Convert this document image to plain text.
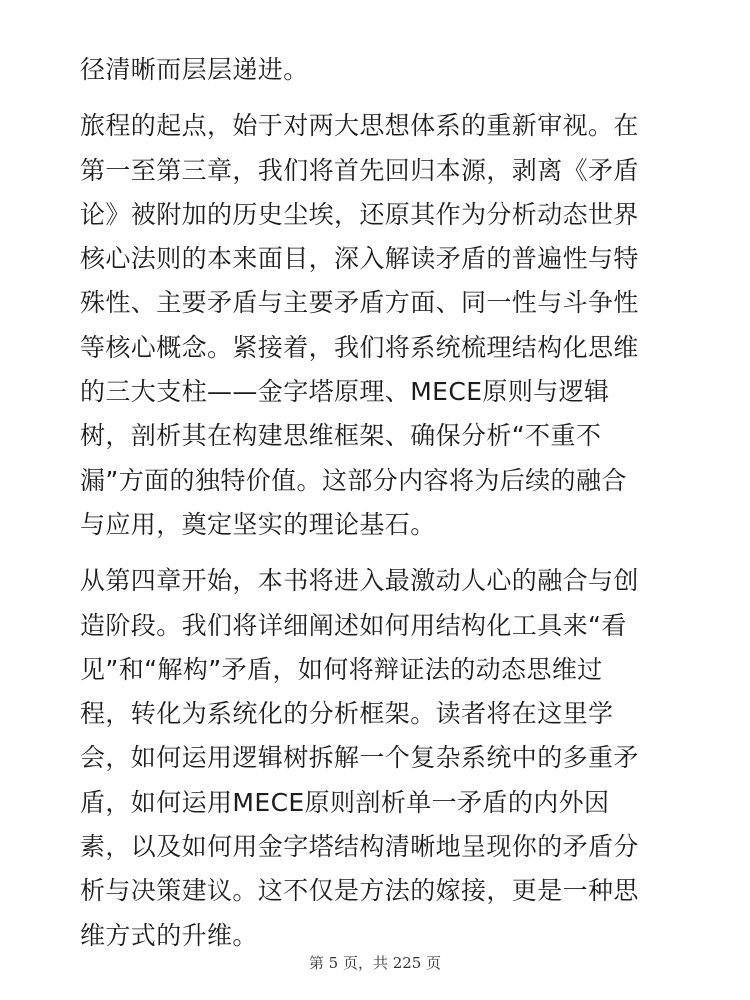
径清晰而层层递进。

旅程的起点，始于对两大思想体系的重新审视。在
第一至第三章，我们将首先回归本源，剥离《矛盾
论》被附加的历史尘埃，还原其作为分析动态世界
核心法则的本来面目，深入解读矛盾的普遍性与特
殊性、主要矛盾与主要矛盾方面、同一性与斗争性
等核心概念。紧接着，我们将系统梳理结构化思维
的三大支柱——金字塔原理、MECE原则与逻辑
树，剖析其在构建思维框架、确保分析“不重不
漏”方面的独特价值。这部分内容将为后续的融合
与应用，奠定坚实的理论基石。

从第四章开始，本书将进入最激动人心的融合与创
造阶段。我们将详细阐述如何用结构化工具来“看
见”和“解构”矛盾，如何将辩证法的动态思维过
程，转化为系统化的分析框架。读者将在这里学
会，如何运用逻辑树拆解一个复杂系统中的多重矛
盾，如何运用MECE原则剖析单一矛盾的内外因
素，以及如何用金字塔结构清晰地呈现你的矛盾分
析与决策建议。这不仅是方法的嫁接，更是一种思
维方式的升维。

第 5 页，共 225 页
